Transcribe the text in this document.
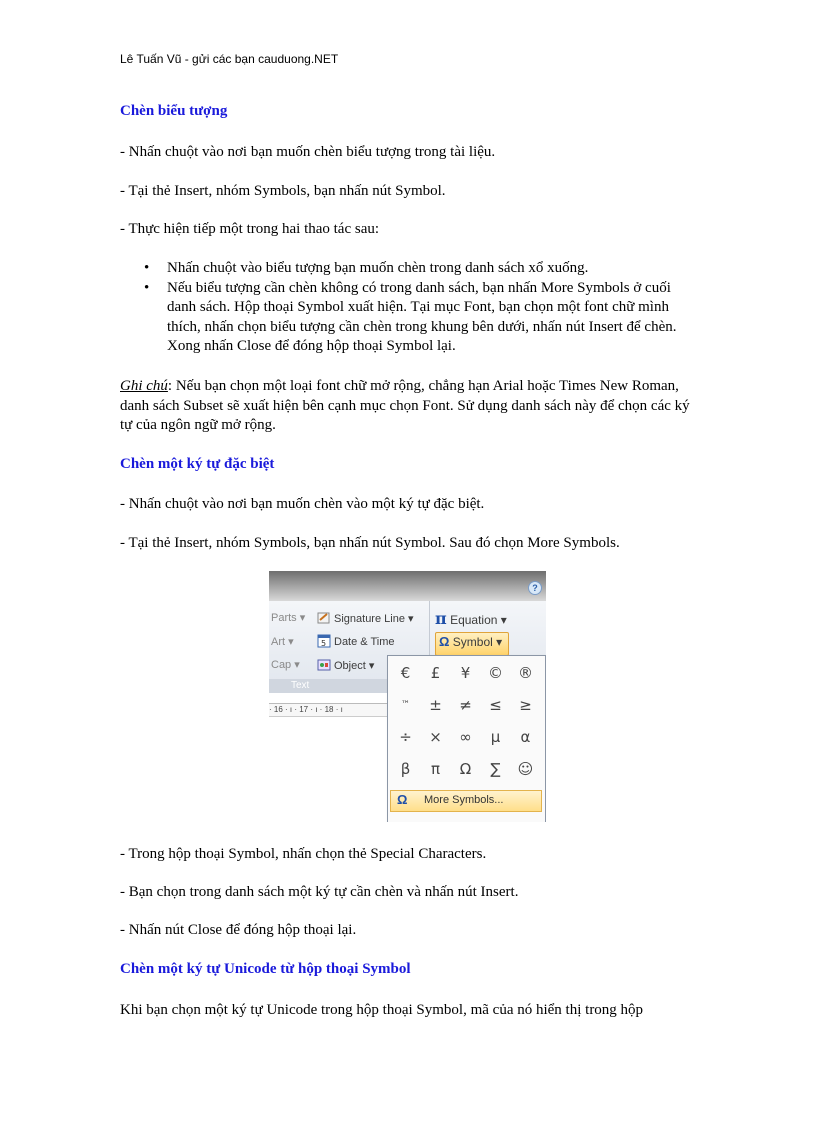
Lê Tuấn Vũ - gửi các bạn cauduong.NET
Chèn biểu tượng
- Nhấn chuột vào nơi bạn muốn chèn biểu tượng trong tài liệu.
- Tại thẻ Insert, nhóm Symbols, bạn nhấn nút Symbol.
- Thực hiện tiếp một trong hai thao tác sau:
• Nhấn chuột vào biểu tượng bạn muốn chèn trong danh sách xổ xuống.
• Nếu biểu tượng cần chèn không có trong danh sách, bạn nhấn More Symbols ở cuối danh sách. Hộp thoại Symbol xuất hiện. Tại mục Font, bạn chọn một font chữ mình thích, nhấn chọn biểu tượng cần chèn trong khung bên dưới, nhấn nút Insert để chèn. Xong nhấn Close để đóng hộp thoại Symbol lại.
Ghi chú: Nếu bạn chọn một loại font chữ mở rộng, chẳng hạn Arial hoặc Times New Roman, danh sách Subset sẽ xuất hiện bên cạnh mục chọn Font. Sử dụng danh sách này để chọn các ký tự của ngôn ngữ mở rộng.
Chèn một ký tự đặc biệt
- Nhấn chuột vào nơi bạn muốn chèn vào một ký tự đặc biệt.
- Tại thẻ Insert, nhóm Symbols, bạn nhấn nút Symbol. Sau đó chọn More Symbols.
?
Parts ▾	Signature Line ▾ π Equation ▾
Art ▾	5 Date & Time	Ω Symbol ▾
Cap ▾	Object ▾
Text
· 16 · ı · 17 · ı · 18 · ı
€	£	¥	©	®
™	±	≠	≤	≥
÷	×	∞	µ	α
β	π	Ω	∑	☺
Ω More Symbols...
- Trong hộp thoại Symbol, nhấn chọn thẻ Special Characters.
- Bạn chọn trong danh sách một ký tự cần chèn và nhấn nút Insert.
- Nhấn nút Close để đóng hộp thoại lại.
Chèn một ký tự Unicode từ hộp thoại Symbol
Khi bạn chọn một ký tự Unicode trong hộp thoại Symbol, mã của nó hiển thị trong hộp
